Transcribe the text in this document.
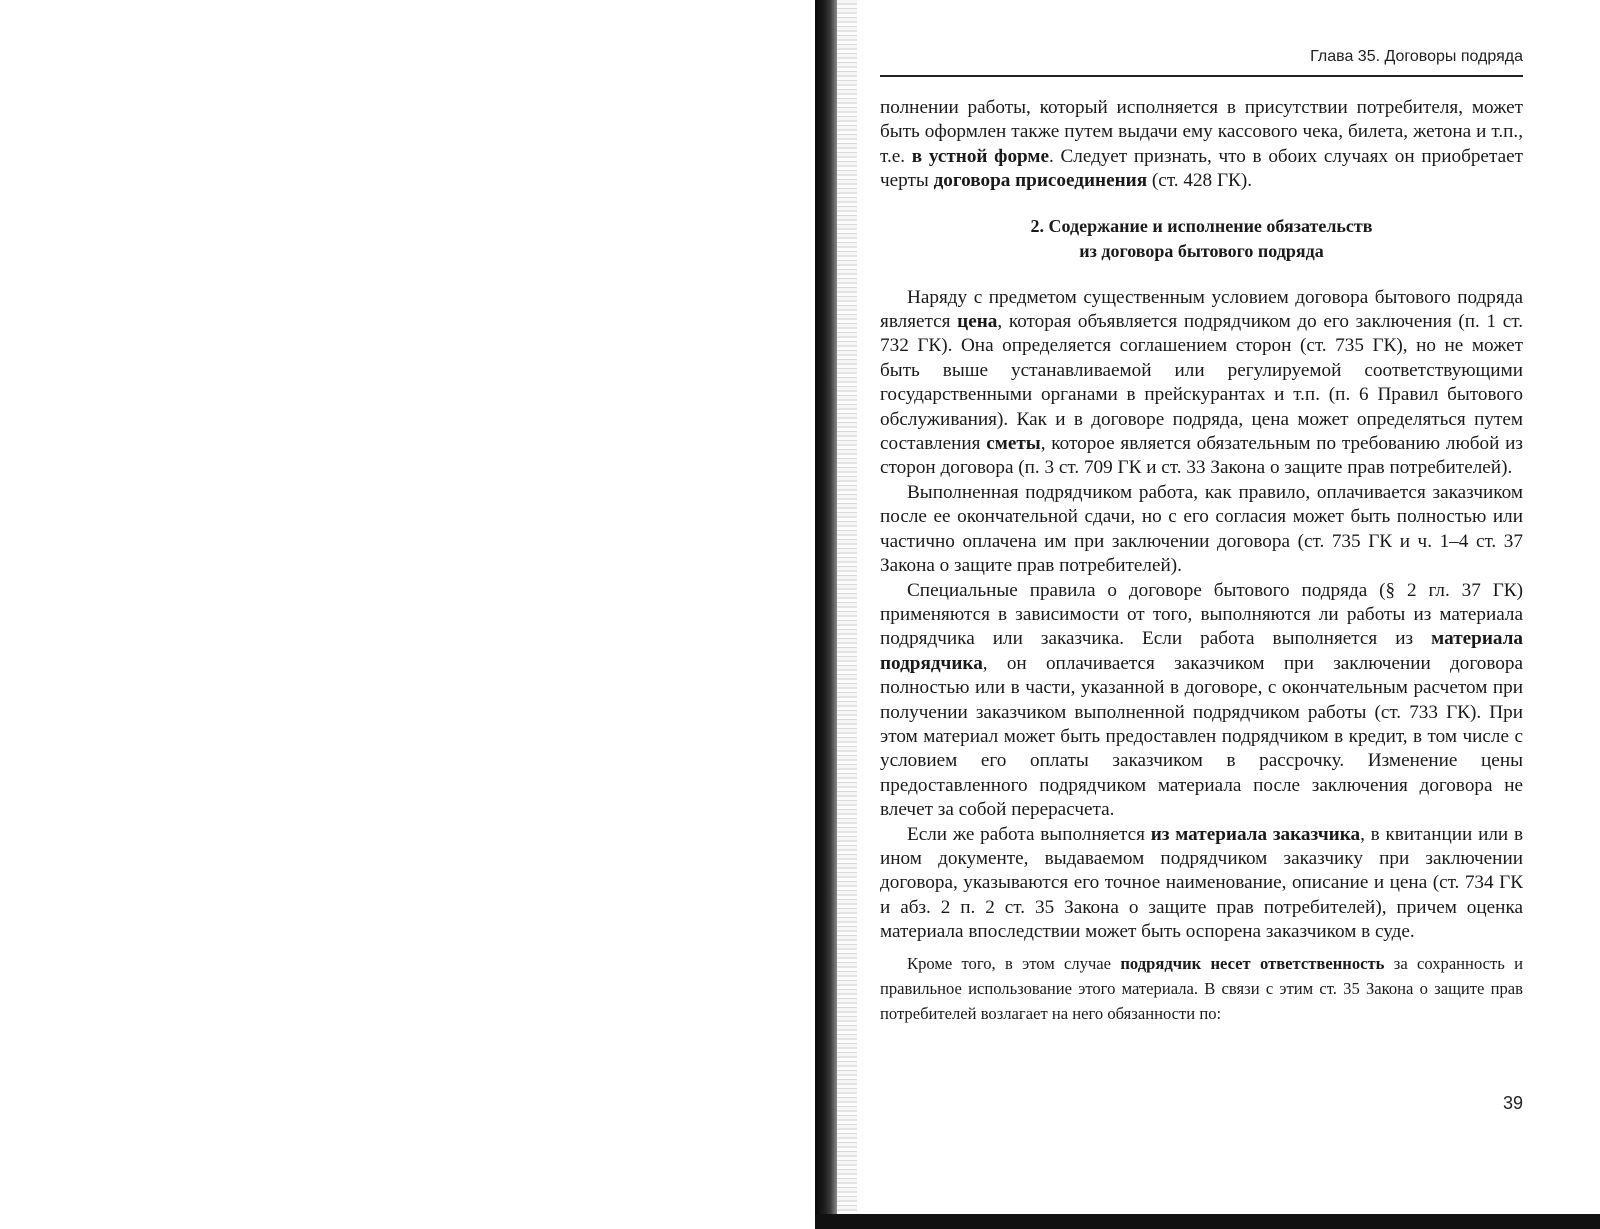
Глава 35. Договоры подряда

полнении работы, который исполняется в присутствии потребителя, может быть оформлен также путем выдачи ему кассового чека, билета, жетона и т.п., т.е. в устной форме. Следует признать, что в обоих случаях он приобретает черты договора присоединения (ст. 428 ГК).

2. Содержание и исполнение обязательств
из договора бытового подряда

Наряду с предметом существенным условием договора бытового подряда является цена, которая объявляется подрядчиком до его заключения (п. 1 ст. 732 ГК). Она определяется соглашением сторон (ст. 735 ГК), но не может быть выше устанавливаемой или регулируемой соответствующими государственными органами в прейскурантах и т.п. (п. 6 Правил бытового обслуживания). Как и в договоре подряда, цена может определяться путем составления сметы, которое является обязательным по требованию любой из сторон договора (п. 3 ст. 709 ГК и ст. 33 Закона о защите прав потребителей).

Выполненная подрядчиком работа, как правило, оплачивается заказчиком после ее окончательной сдачи, но с его согласия может быть полностью или частично оплачена им при заключении договора (ст. 735 ГК и ч. 1–4 ст. 37 Закона о защите прав потребителей).

Специальные правила о договоре бытового подряда (§ 2 гл. 37 ГК) применяются в зависимости от того, выполняются ли работы из материала подрядчика или заказчика. Если работа выполняется из материала подрядчика, он оплачивается заказчиком при заключении договора полностью или в части, указанной в договоре, с окончательным расчетом при получении заказчиком выполненной подрядчиком работы (ст. 733 ГК). При этом материал может быть предоставлен подрядчиком в кредит, в том числе с условием его оплаты заказчиком в рассрочку. Изменение цены предоставленного подрядчиком материала после заключения договора не влечет за собой перерасчета.

Если же работа выполняется из материала заказчика, в квитанции или в ином документе, выдаваемом подрядчиком заказчику при заключении договора, указываются его точное наименование, описание и цена (ст. 734 ГК и абз. 2 п. 2 ст. 35 Закона о защите прав потребителей), причем оценка материала впоследствии может быть оспорена заказчиком в суде.

Кроме того, в этом случае подрядчик несет ответственность за сохранность и правильное использование этого материала. В связи с этим ст. 35 Закона о защите прав потребителей возлагает на него обязанности по:

39
